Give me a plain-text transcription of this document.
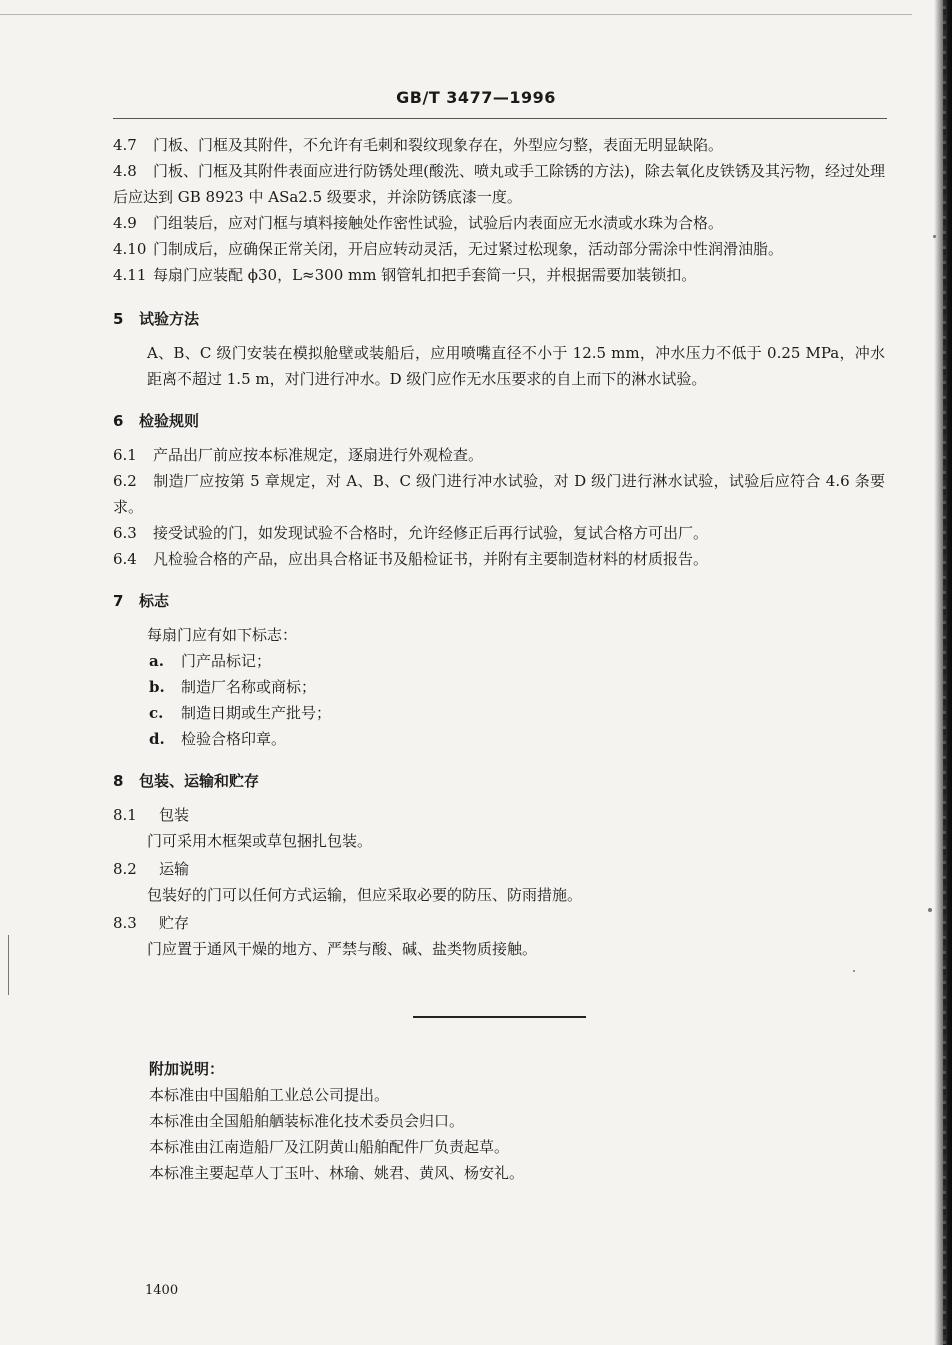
GB/T 3477—1996

4.7 门板、门框及其附件，不允许有毛刺和裂纹现象存在，外型应匀整，表面无明显缺陷。

4.8 门板、门框及其附件表面应进行防锈处理(酸洗、喷丸或手工除锈的方法)，除去氧化皮铁锈及其污物，经过处理后应达到 GB 8923 中 ASa2.5 级要求，并涂防锈底漆一度。

4.9 门组装后，应对门框与填料接触处作密性试验，试验后内表面应无水渍或水珠为合格。

4.10 门制成后，应确保正常关闭，开启应转动灵活，无过紧过松现象，活动部分需涂中性润滑油脂。

4.11 每扇门应装配 ϕ30，L≈300 mm 钢管轧扣把手套简一只，并根据需要加装锁扣。

5 试验方法

A、B、C 级门安装在模拟舱壁或装船后，应用喷嘴直径不小于 12.5 mm，冲水压力不低于 0.25 MPa，冲水距离不超过 1.5 m，对门进行冲水。D 级门应作无水压要求的自上而下的淋水试验。

6 检验规则

6.1 产品出厂前应按本标准规定，逐扇进行外观检查。

6.2 制造厂应按第 5 章规定，对 A、B、C 级门进行冲水试验，对 D 级门进行淋水试验，试验后应符合 4.6 条要求。

6.3 接受试验的门，如发现试验不合格时，允许经修正后再行试验，复试合格方可出厂。

6.4 凡检验合格的产品，应出具合格证书及船检证书，并附有主要制造材料的材质报告。

7 标志

每扇门应有如下标志：

a. 门产品标记；

b. 制造厂名称或商标；

c. 制造日期或生产批号；

d. 检验合格印章。

8 包装、运输和贮存

8.1 包装

门可采用木框架或草包捆扎包装。

8.2 运输

包装好的门可以任何方式运输，但应采取必要的防压、防雨措施。

8.3 贮存

门应置于通风干燥的地方、严禁与酸、碱、盐类物质接触。

附加说明：

本标准由中国船舶工业总公司提出。

本标准由全国船舶舾装标准化技术委员会归口。

本标准由江南造船厂及江阴黄山船舶配件厂负责起草。

本标准主要起草人丁玉叶、林瑜、姚君、黄风、杨安礼。

1400
